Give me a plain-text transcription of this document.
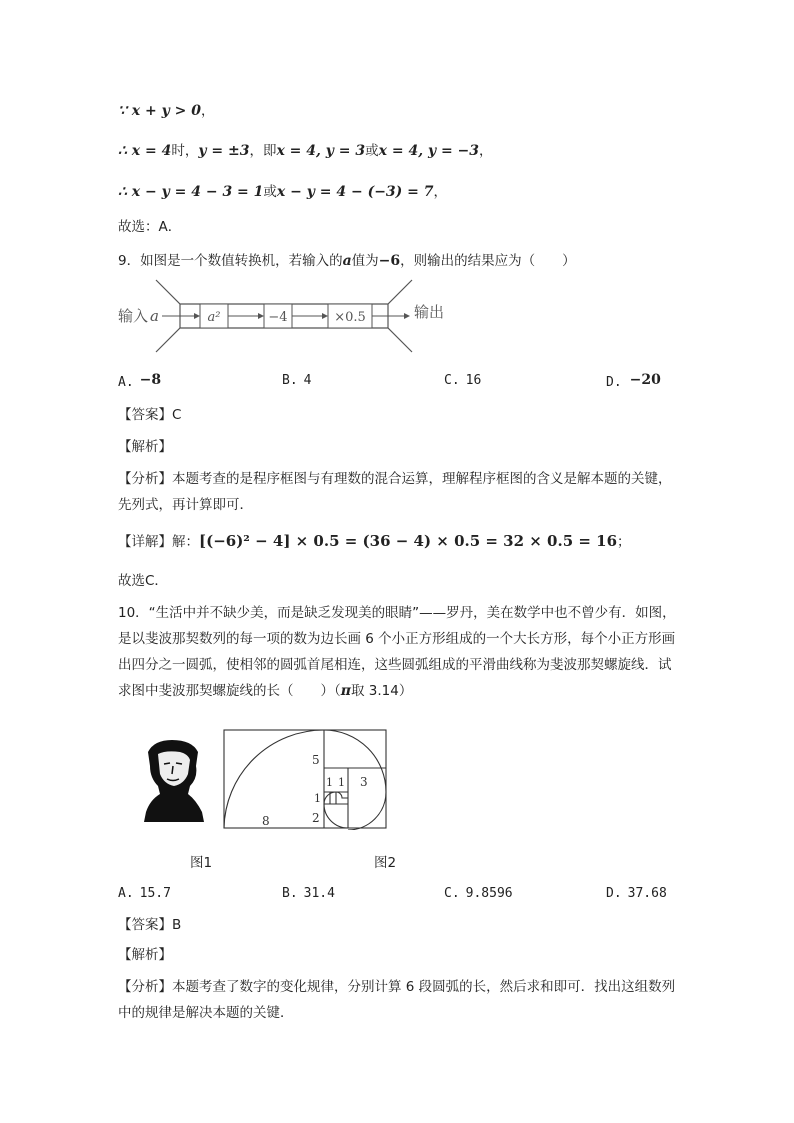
∵ x + y > 0，
∴ x = 4时，y = ±3，即x = 4, y = 3或x = 4, y = −3，
∴ x − y = 4 − 3 = 1或x − y = 4 − (−3) = 7，
故选：A．
9．如图是一个数值转换机，若输入的a值为−6，则输出的结果应为（　　）
输入 a	a²	−4	×0.5	输出
A. −8	B. 4	C. 16	D. −20
【答案】C
【解析】
【分析】本题考查的是程序框图与有理数的混合运算，理解程序框图的含义是解本题的关键，先列式，再计算即可．
【详解】解：[(−6)² − 4] × 0.5 = (36 − 4) × 0.5 = 32 × 0.5 = 16；
故选C．
10．“生活中并不缺少美，而是缺乏发现美的眼睛”——罗丹，美在数学中也不曾少有．如图，是以斐波那契数列的每一项的数为边长画 6 个小正方形组成的一个大长方形，每个小正方形画出四分之一圆弧，使相邻的圆弧首尾相连，这些圆弧组成的平滑曲线称为斐波那契螺旋线．试求图中斐波那契螺旋线的长（　　）（π取 3.14）
5
1 1 3
1
2
8
图1	图2
A. 15.7	B. 31.4	C. 9.8596	D. 37.68
【答案】B
【解析】
【分析】本题考查了数字的变化规律，分别计算 6 段圆弧的长，然后求和即可．找出这组数列中的规律是解决本题的关键．
